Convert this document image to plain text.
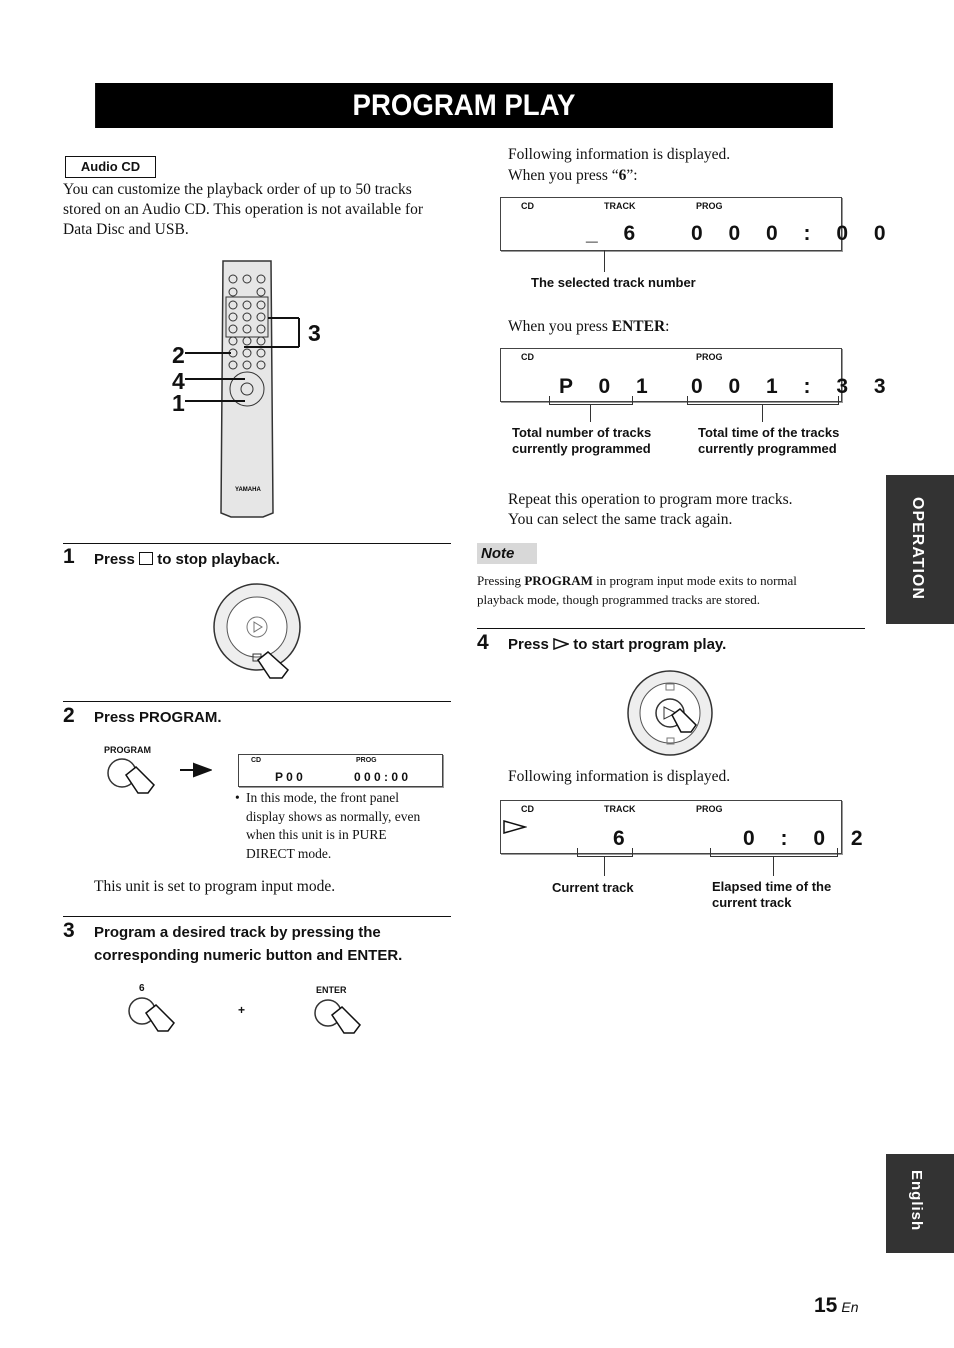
PROGRAM PLAY
Audio CD
You can customize the playback order of up to 50 tracks
stored on an Audio CD. This operation is not available for
Data Disc and USB.
YAMAHA
3
2
4
1
1 Press to stop playback.
2 Press PROGRAM.
PROGRAM
CD	PROG
P 0 0	0 0 0 : 0 0
• In this mode, the front panel
display shows as normally, even
when this unit is in PURE
DIRECT mode.
This unit is set to program input mode.
3 Program a desired track by pressing the
corresponding numeric button and ENTER.
6
+
ENTER
Following information is displayed.
When you press “6”:
CD	TRACK	PROG
_ 6 0 0 0 : 0 0
The selected track number
When you press ENTER:
CD	PROG
P 0 1 0 0 1 : 3 3
Total number of tracks
currently programmed
Total time of the tracks
currently programmed
Repeat this operation to program more tracks.
You can select the same track again.
Note
Pressing PROGRAM in program input mode exits to normal
playback mode, though programmed tracks are stored.
4 Press to start program play.
Following information is displayed.
CD	TRACK	PROG
6	0 : 0 2
Current track	Elapsed time of the
current track
OPERATION
English
15 En
